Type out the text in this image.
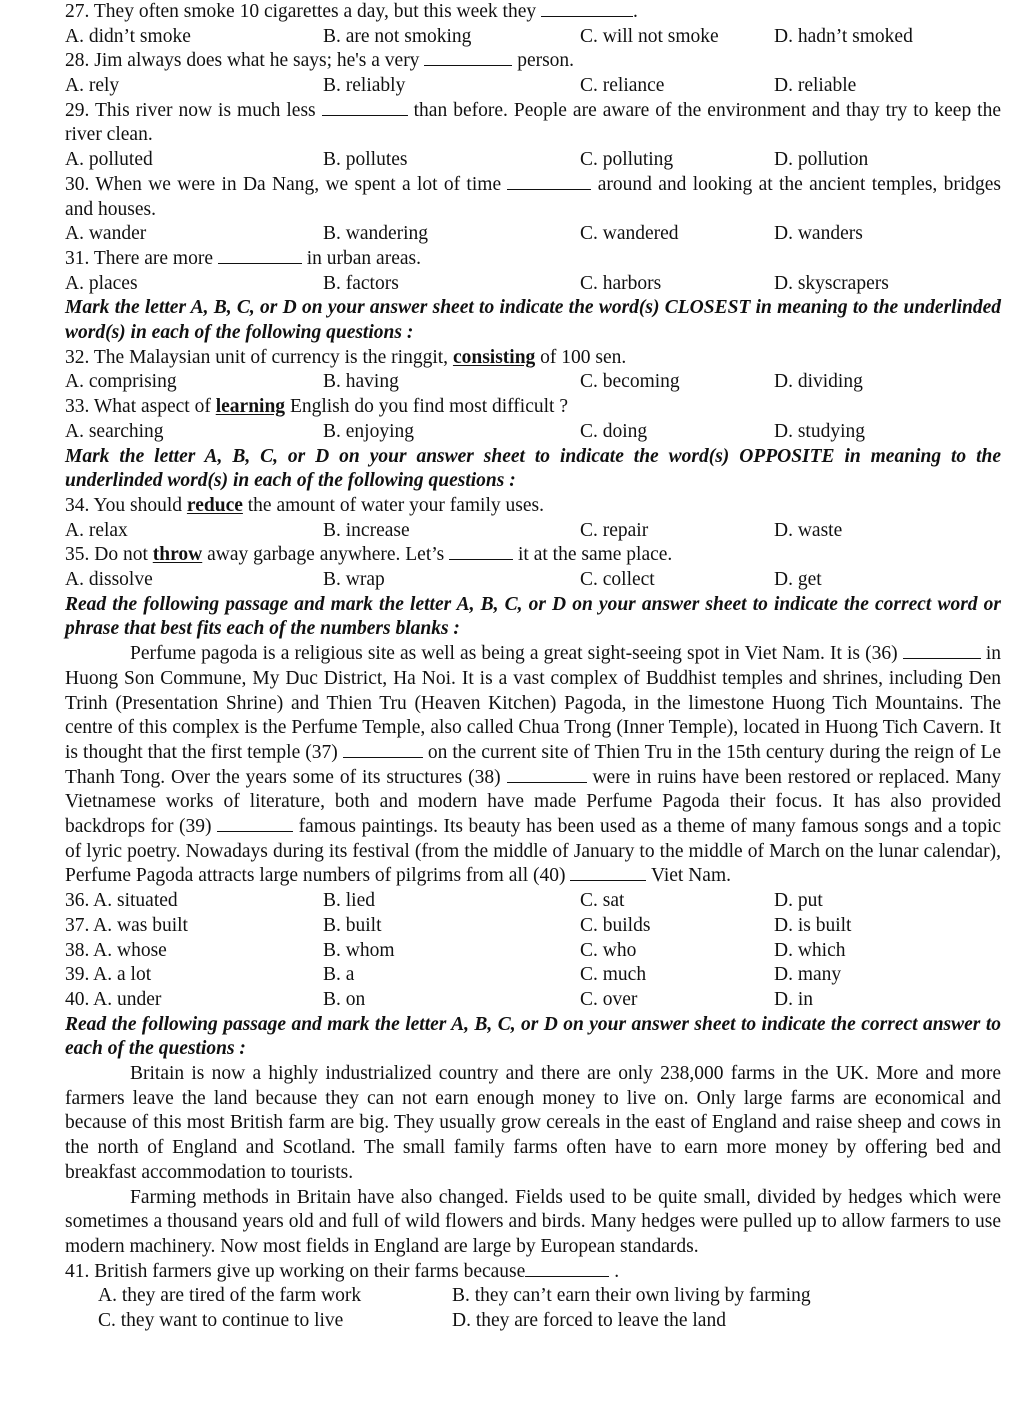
27. They often smoke 10 cigarettes a day, but this week they	.
A. didn’t smoke	B. are not smoking	C. will not smoke	D. hadn’t smoked
28. Jim always does what he says; he's a very	person.
A. rely	B. reliably	C. reliance	D. reliable
29. This river now is much less	than before. People are aware of the environment and thay try to keep the river clean.
A. polluted	B. pollutes	C. polluting	D. pollution
30. When we were in Da Nang, we spent a lot of time	around and looking at the ancient temples, bridges and houses.
A. wander	B. wandering	C. wandered	D. wanders
31. There are more	in urban areas.
A. places	B. factors	C. harbors	D. skyscrapers
Mark the letter A, B, C, or D on your answer sheet to indicate the word(s) CLOSEST in meaning to the underlinded word(s) in each of the following questions :
32. The Malaysian unit of currency is the ringgit, consisting of 100 sen.
A. comprising	B. having	C. becoming	D. dividing
33. What aspect of learning English do you find most difficult ?
A. searching	B. enjoying	C. doing	D. studying
Mark the letter A, B, C, or D on your answer sheet to indicate the word(s) OPPOSITE in meaning to the underlinded word(s) in each of the following questions :
34. You should reduce the amount of water your family uses.
A. relax	B. increase	C. repair	D. waste
35. Do not throw away garbage anywhere. Let’s	it at the same place.
A. dissolve	B. wrap	C. collect	D. get
Read the following passage and mark the letter A, B, C, or D on your answer sheet to indicate the correct word or phrase that best fits each of the numbers blanks :
Perfume pagoda is a religious site as well as being a great sight-seeing spot in Viet Nam. It is (36)	in Huong Son Commune, My Duc District, Ha Noi. It is a vast complex of Buddhist temples and shrines, including Den Trinh (Presentation Shrine) and Thien Tru (Heaven Kitchen) Pagoda, in the limestone Huong Tich Mountains. The centre of this complex is the Perfume Temple, also called Chua Trong (Inner Temple), located in Huong Tich Cavern. It is thought that the first temple (37)	on the current site of Thien Tru in the 15th century during the reign of Le Thanh Tong. Over the years some of its structures (38)	were in ruins have been restored or replaced. Many Vietnamese works of literature, both and modern have made Perfume Pagoda their focus. It has also provided backdrops for (39)	famous paintings. Its beauty has been used as a theme of many famous songs and a topic of lyric poetry. Nowadays during its festival (from the middle of January to the middle of March on the lunar calendar), Perfume Pagoda attracts large numbers of pilgrims from all (40)	Viet Nam.
36. A. situated	B. lied	C. sat	D. put
37. A. was built	B. built	C. builds	D. is built
38. A. whose	B. whom	C. who	D. which
39. A. a lot	B. a	C. much	D. many
40. A. under	B. on	C. over	D. in
Read the following passage and mark the letter A, B, C, or D on your answer sheet to indicate the correct answer to each of the questions :
Britain is now a highly industrialized country and there are only 238,000 farms in the UK. More and more farmers leave the land because they can not earn enough money to live on. Only large farms are economical and because of this most British farm are big. They usually grow cereals in the east of England and raise sheep and cows in the north of England and Scotland. The small family farms often have to earn more money by offering bed and breakfast accommodation to tourists.
Farming methods in Britain have also changed. Fields used to be quite small, divided by hedges which were sometimes a thousand years old and full of wild flowers and birds. Many hedges were pulled up to allow farmers to use modern machinery. Now most fields in England are large by European standards.
41. British farmers give up working on their farms because	.
A. they are tired of the farm work	B. they can’t earn their own living by farming
C. they want to continue to live	D. they are forced to leave the land
